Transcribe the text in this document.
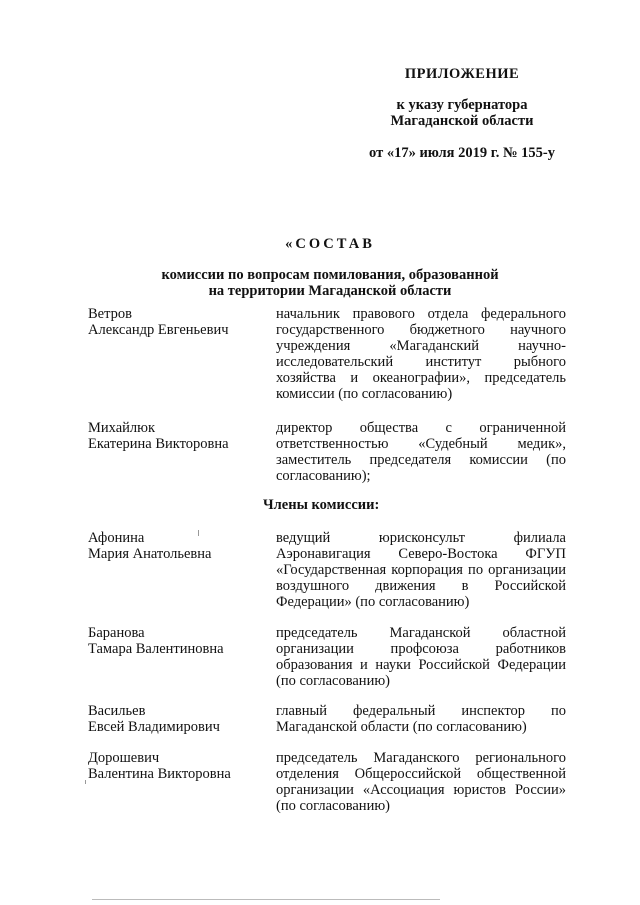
ПРИЛОЖЕНИЕ
к указу губернатора
Магаданской области
от «17» июля 2019 г. № 155-у
«СОСТАВ
комиссии по вопросам помилования, образованной
на территории Магаданской области
Ветров
Александр Евгеньевич
начальник правового отдела федерального государственного бюджетного научного учреждения «Магаданский научно-исследовательский институт рыбного хозяйства и океанографии», председатель комиссии (по согласованию)
Михайлюк
Екатерина Викторовна
директор общества с ограниченной ответственностью «Судебный медик», заместитель председателя комиссии (по согласованию);
Члены комиссии:
Афонина
Мария Анатольевна
ведущий юрисконсульт филиала Аэронавигация Северо-Востока ФГУП «Государственная корпорация по организации воздушного движения в Российской Федерации» (по согласованию)
Баранова
Тамара Валентиновна
председатель Магаданской областной организации профсоюза работников образования и науки Российской Федерации (по согласованию)
Васильев
Евсей Владимирович
главный федеральный инспектор по Магаданской области (по согласованию)
Дорошевич
Валентина Викторовна
председатель Магаданского регионального отделения Общероссийской общественной организации «Ассоциация юристов России» (по согласованию)
